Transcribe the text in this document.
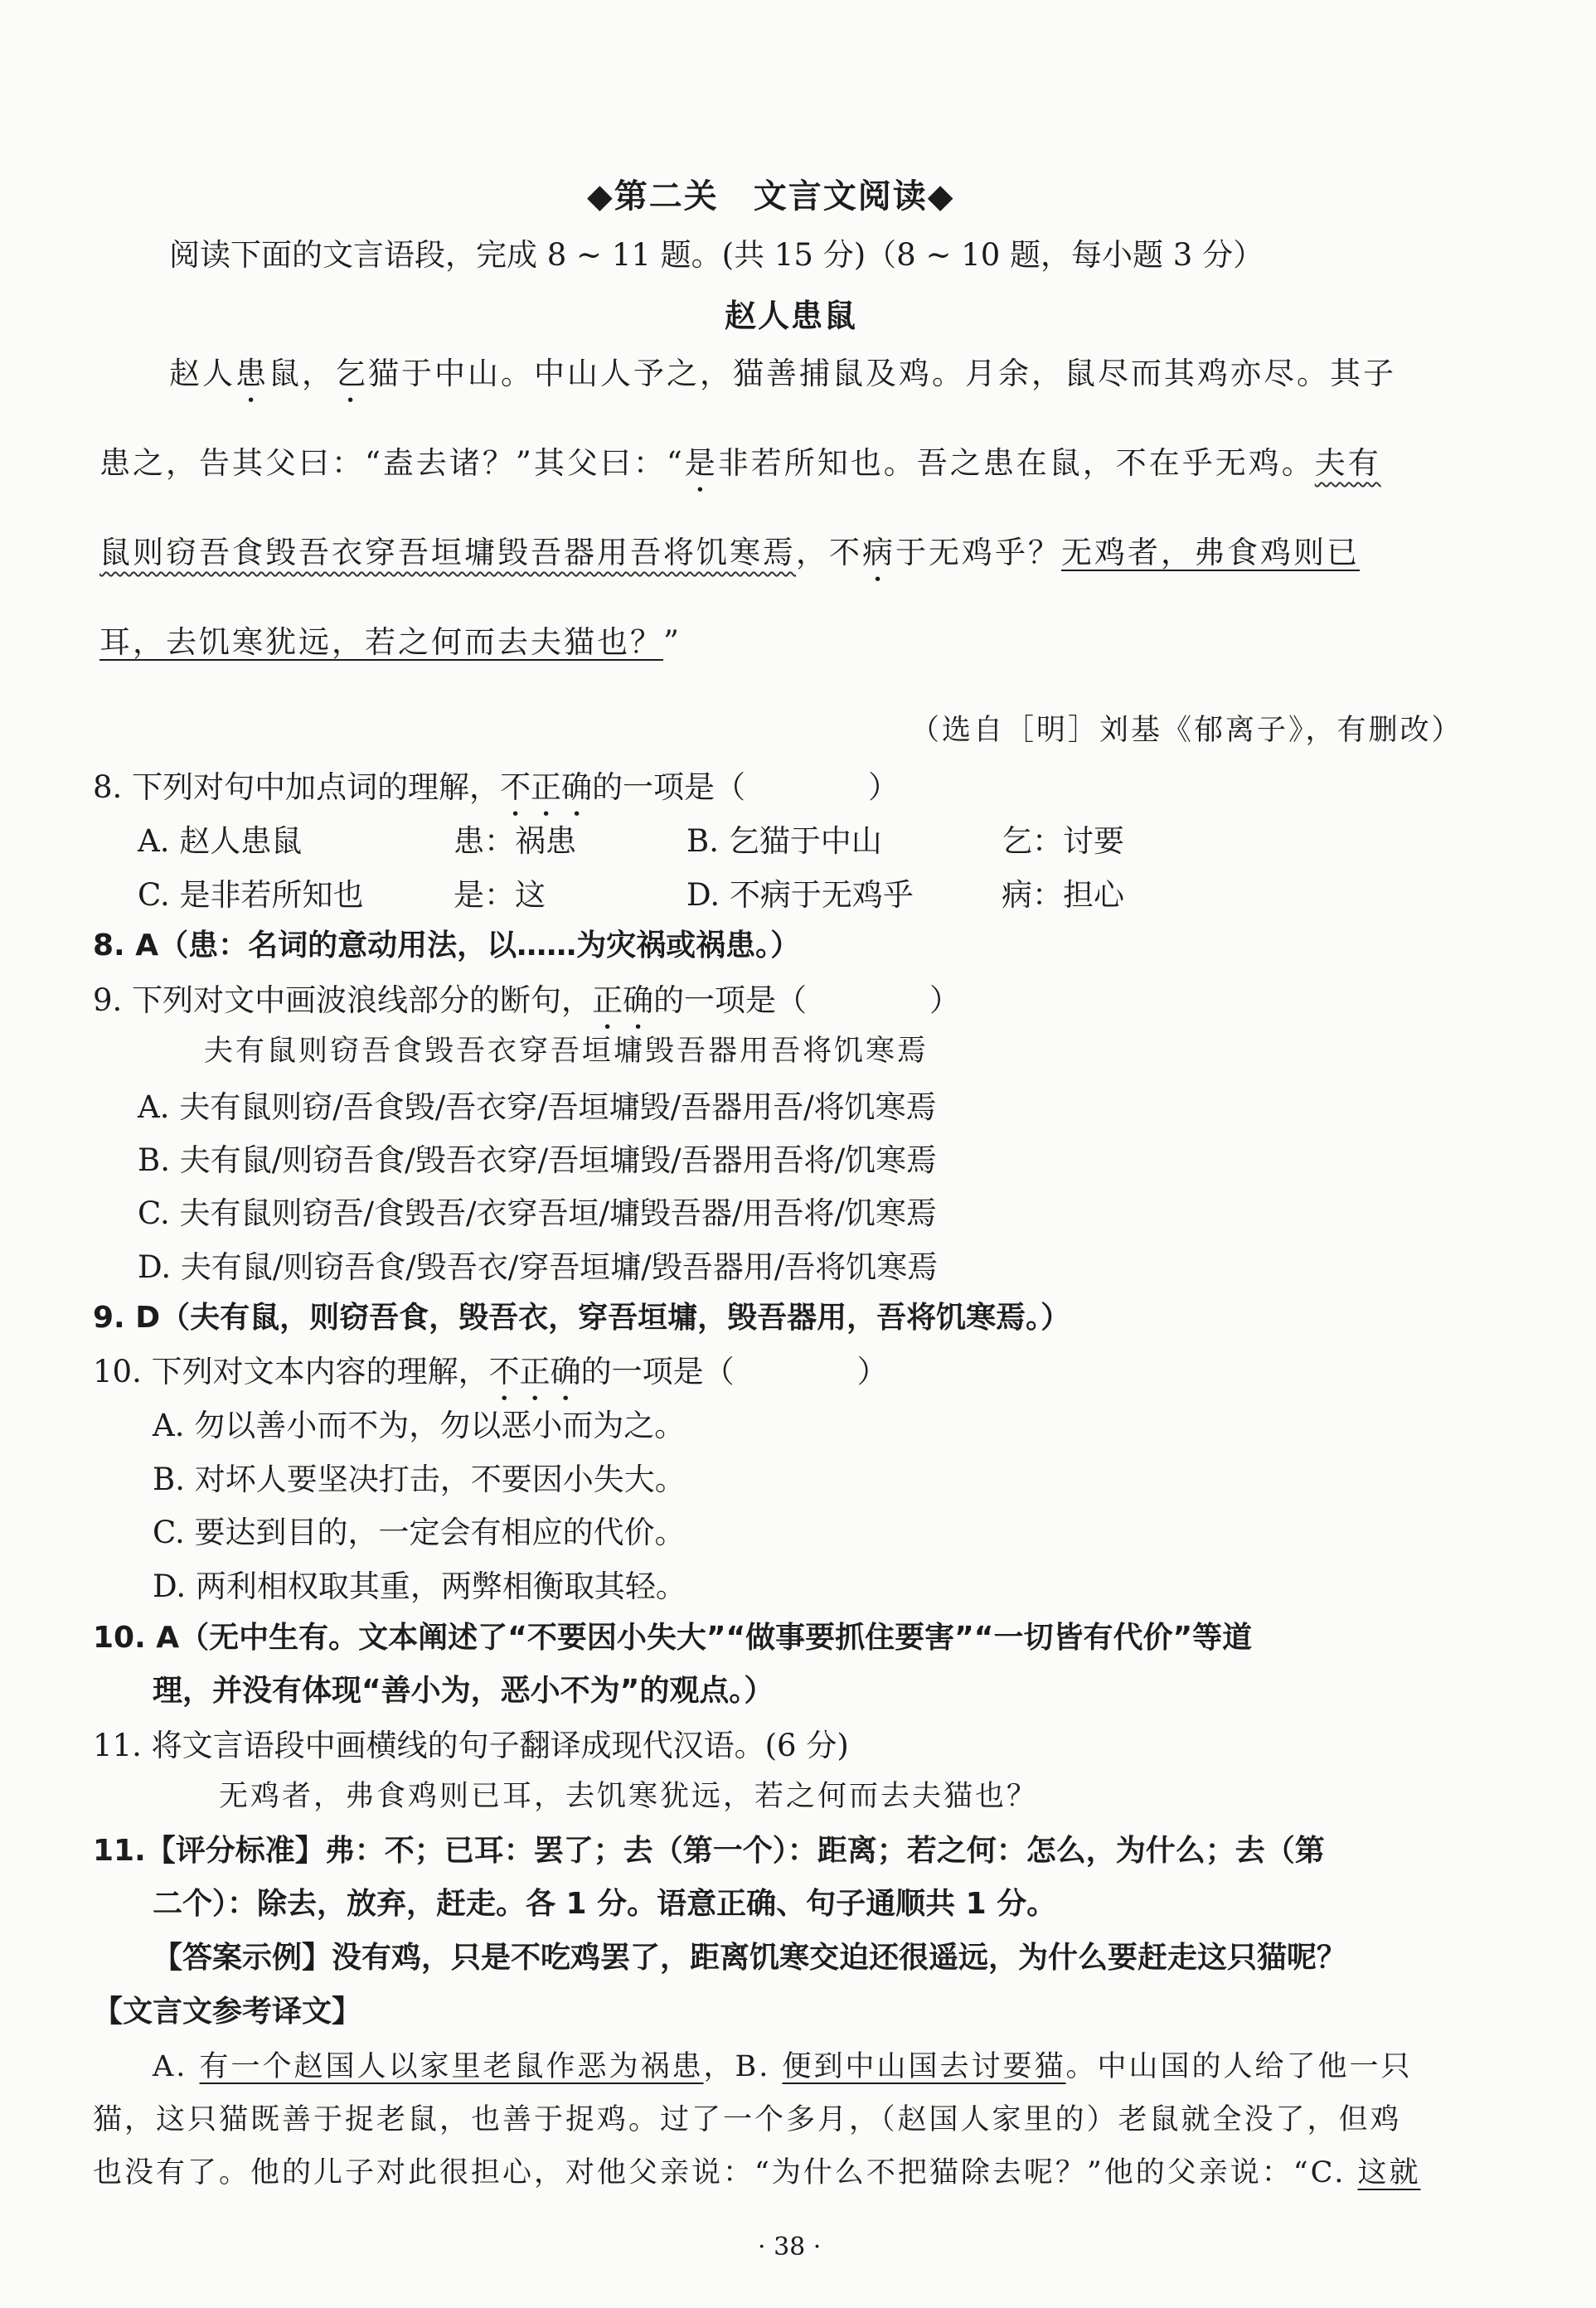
◆第二关　文言文阅读◆
阅读下面的文言语段，完成 8 ~ 11 题。(共 15 分)（8 ~ 10 题，每小题 3 分）
赵人患鼠
赵人患鼠，乞猫于中山。中山人予之，猫善捕鼠及鸡。月余，鼠尽而其鸡亦尽。其子
患之，告其父曰：“盍去诸？”其父曰：“是非若所知也。吾之患在鼠，不在乎无鸡。夫有
鼠则窃吾食毁吾衣穿吾垣墉毁吾器用吾将饥寒焉，不病于无鸡乎？无鸡者，弗食鸡则已
耳，去饥寒犹远，若之何而去夫猫也？”
（选自［明］刘基《郁离子》，有删改）
8. 下列对句中加点词的理解，不正确的一项是（　　　　）
A. 赵人患鼠	患：祸患	B. 乞猫于中山	乞：讨要
C. 是非若所知也	是：这	D. 不病于无鸡乎	病：担心
8. A（患：名词的意动用法，以……为灾祸或祸患。）
9. 下列对文中画波浪线部分的断句，正确的一项是（　　　　）
夫有鼠则窃吾食毁吾衣穿吾垣墉毁吾器用吾将饥寒焉
A. 夫有鼠则窃/吾食毁/吾衣穿/吾垣墉毁/吾器用吾/将饥寒焉
B. 夫有鼠/则窃吾食/毁吾衣穿/吾垣墉毁/吾器用吾将/饥寒焉
C. 夫有鼠则窃吾/食毁吾/衣穿吾垣/墉毁吾器/用吾将/饥寒焉
D. 夫有鼠/则窃吾食/毁吾衣/穿吾垣墉/毁吾器用/吾将饥寒焉
9. D（夫有鼠，则窃吾食，毁吾衣，穿吾垣墉，毁吾器用，吾将饥寒焉。）
10. 下列对文本内容的理解，不正确的一项是（　　　　）
A. 勿以善小而不为，勿以恶小而为之。
B. 对坏人要坚决打击，不要因小失大。
C. 要达到目的，一定会有相应的代价。
D. 两利相权取其重，两弊相衡取其轻。
10. A（无中生有。文本阐述了“不要因小失大”“做事要抓住要害”“一切皆有代价”等道
理，并没有体现“善小为，恶小不为”的观点。）
11. 将文言语段中画横线的句子翻译成现代汉语。(6 分)
无鸡者，弗食鸡则已耳，去饥寒犹远，若之何而去夫猫也？
11.【评分标准】弗：不；已耳：罢了；去（第一个）：距离；若之何：怎么，为什么；去（第
二个）：除去，放弃，赶走。各 1 分。语意正确、句子通顺共 1 分。
【答案示例】没有鸡，只是不吃鸡罢了，距离饥寒交迫还很遥远，为什么要赶走这只猫呢？
【文言文参考译文】
A. 有一个赵国人以家里老鼠作恶为祸患，B. 便到中山国去讨要猫。中山国的人给了他一只
猫，这只猫既善于捉老鼠，也善于捉鸡。过了一个多月，（赵国人家里的）老鼠就全没了，但鸡
也没有了。他的儿子对此很担心，对他父亲说：“为什么不把猫除去呢？”他的父亲说：“C. 这就
· 38 ·
